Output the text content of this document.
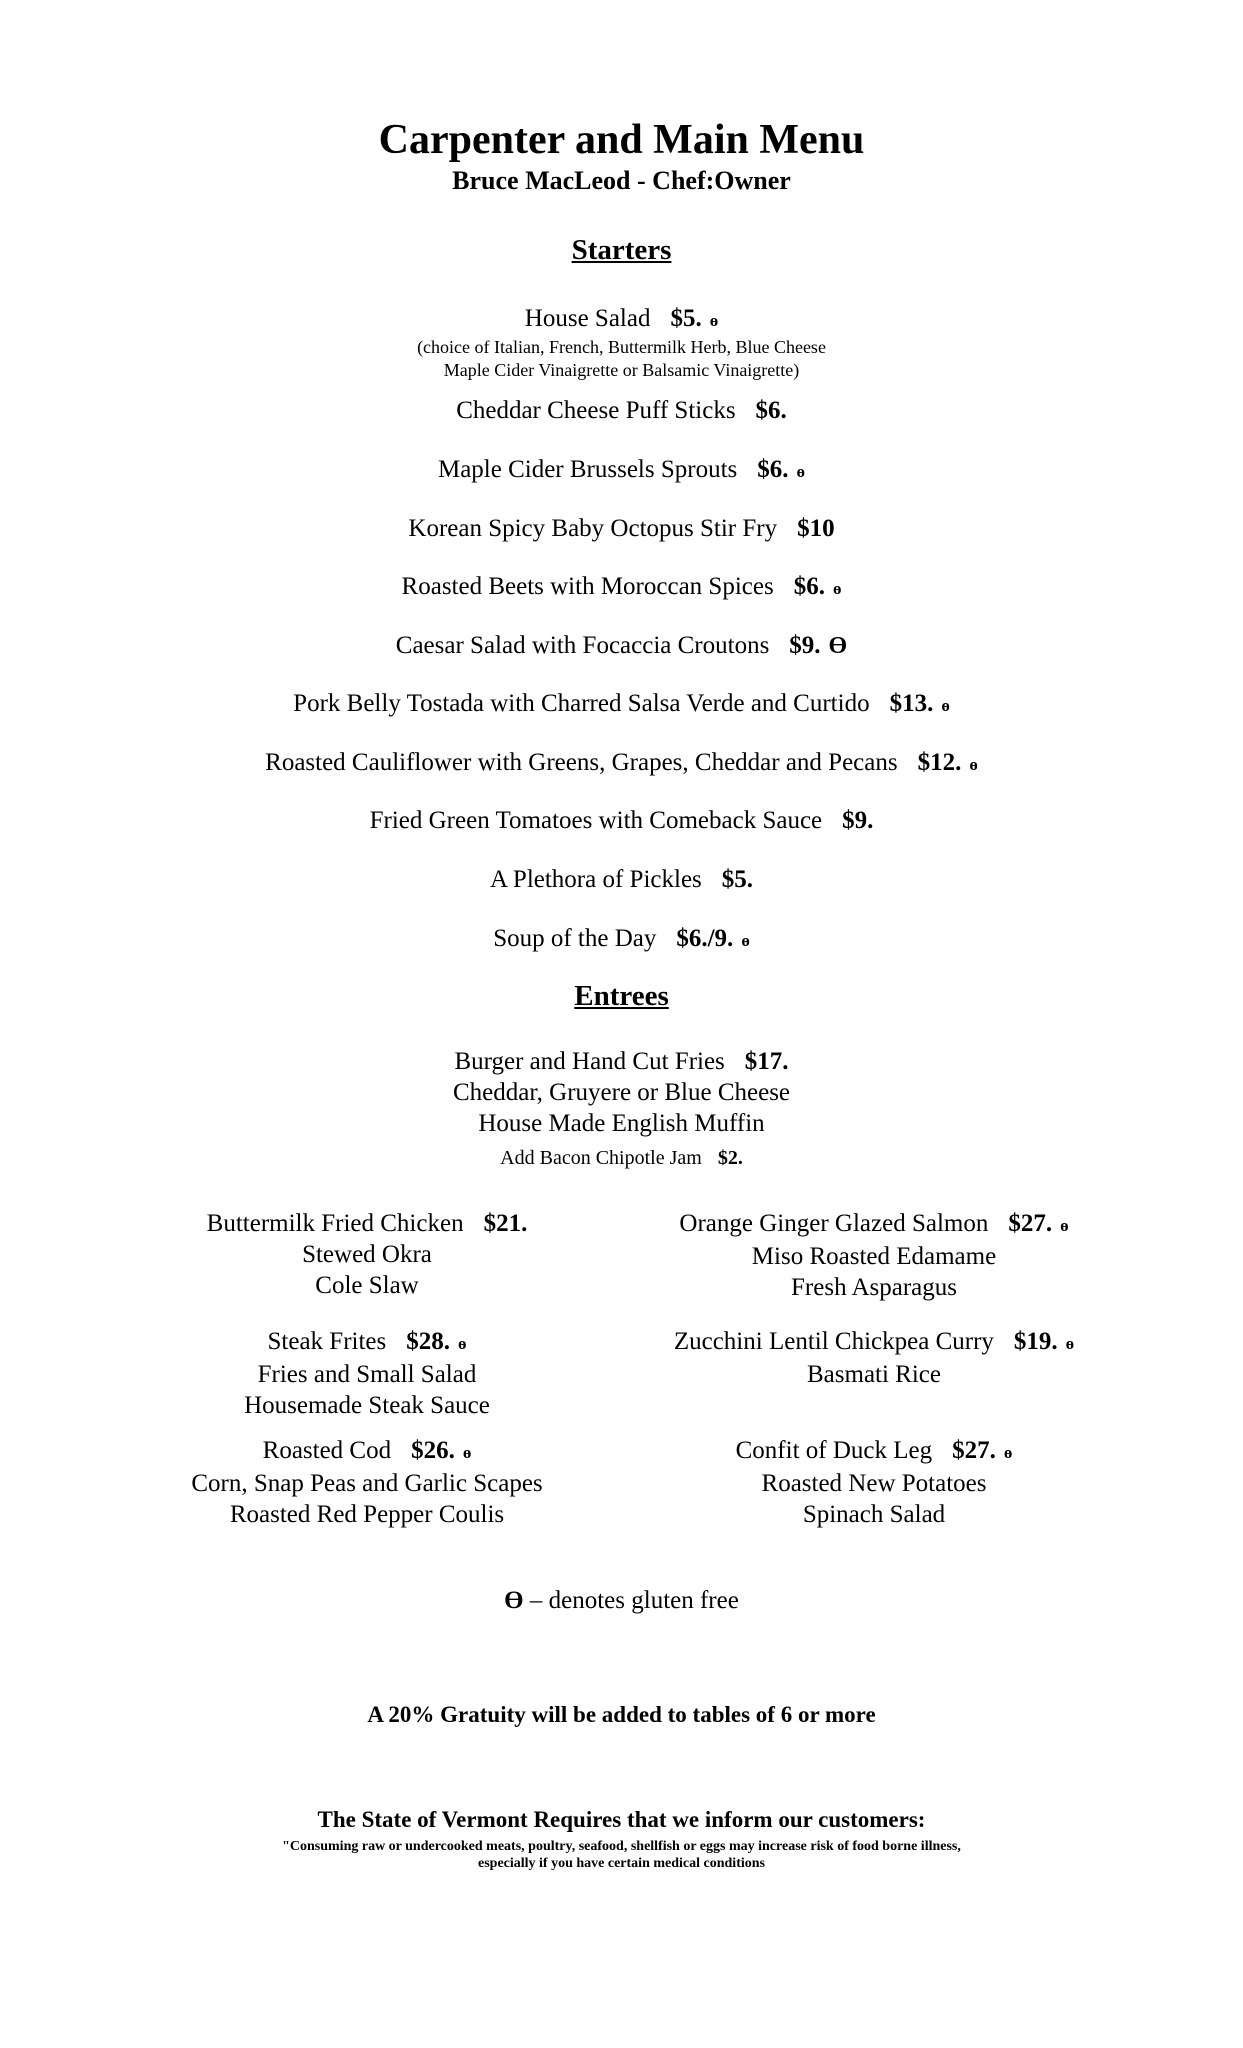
Carpenter and Main Menu
Bruce MacLeod - Chef:Owner
Starters
House Salad $5. ɵ
(choice of Italian, French, Buttermilk Herb, Blue Cheese
Maple Cider Vinaigrette or Balsamic Vinaigrette)
Cheddar Cheese Puff Sticks $6.
Maple Cider Brussels Sprouts $6. ɵ
Korean Spicy Baby Octopus Stir Fry $10
Roasted Beets with Moroccan Spices $6. ɵ
Caesar Salad with Focaccia Croutons $9. Ө
Pork Belly Tostada with Charred Salsa Verde and Curtido $13. ɵ
Roasted Cauliflower with Greens, Grapes, Cheddar and Pecans $12. ɵ
Fried Green Tomatoes with Comeback Sauce $9.
A Plethora of Pickles $5.
Soup of the Day $6./9. ɵ
Entrees
Burger and Hand Cut Fries $17.
Cheddar, Gruyere or Blue Cheese
House Made English Muffin
Add Bacon Chipotle Jam $2.
Buttermilk Fried Chicken $21.
Stewed Okra
Cole Slaw
Orange Ginger Glazed Salmon $27. ɵ
Miso Roasted Edamame
Fresh Asparagus
Steak Frites $28. ɵ
Fries and Small Salad
Housemade Steak Sauce
Zucchini Lentil Chickpea Curry $19. ɵ
Basmati Rice
Roasted Cod $26. ɵ
Corn, Snap Peas and Garlic Scapes
Roasted Red Pepper Coulis
Confit of Duck Leg $27. ɵ
Roasted New Potatoes
Spinach Salad
Ө – denotes gluten free
A 20% Gratuity will be added to tables of 6 or more
The State of Vermont Requires that we inform our customers:
"Consuming raw or undercooked meats, poultry, seafood, shellfish or eggs may increase risk of food borne illness,
especially if you have certain medical conditions
